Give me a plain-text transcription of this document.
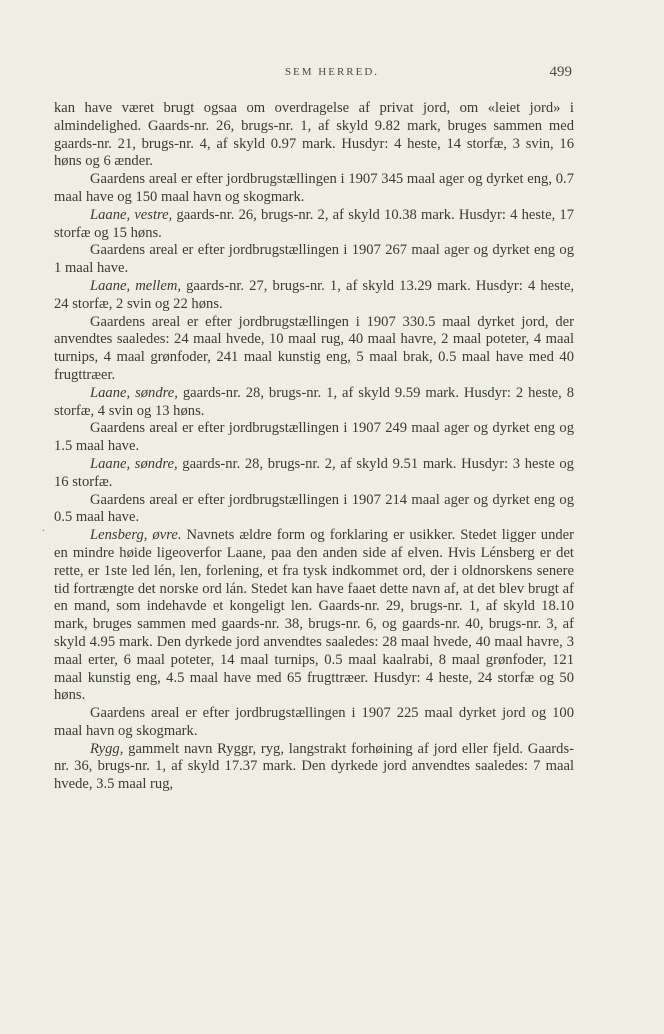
SEM HERRED.	499
.

kan have været brugt ogsaa om overdragelse af privat jord, om «leiet jord» i almindelighed. Gaards-nr. 26, brugs-nr. 1, af skyld 9.82 mark, bruges sammen med gaards-nr. 21, brugs-nr. 4, af skyld 0.97 mark. Husdyr: 4 heste, 14 storfæ, 3 svin, 16 høns og 6 ænder.

Gaardens areal er efter jordbrugstællingen i 1907 345 maal ager og dyrket eng, 0.7 maal have og 150 maal havn og skogmark.

Laane, vestre, gaards-nr. 26, brugs-nr. 2, af skyld 10.38 mark. Husdyr: 4 heste, 17 storfæ og 15 høns.

Gaardens areal er efter jordbrugstællingen i 1907 267 maal ager og dyrket eng og 1 maal have.

Laane, mellem, gaards-nr. 27, brugs-nr. 1, af skyld 13.29 mark. Husdyr: 4 heste, 24 storfæ, 2 svin og 22 høns.

Gaardens areal er efter jordbrugstællingen i 1907 330.5 maal dyrket jord, der anvendtes saaledes: 24 maal hvede, 10 maal rug, 40 maal havre, 2 maal poteter, 4 maal turnips, 4 maal grønfoder, 241 maal kunstig eng, 5 maal brak, 0.5 maal have med 40 frugttræer.

Laane, søndre, gaards-nr. 28, brugs-nr. 1, af skyld 9.59 mark. Husdyr: 2 heste, 8 storfæ, 4 svin og 13 høns.

Gaardens areal er efter jordbrugstællingen i 1907 249 maal ager og dyrket eng og 1.5 maal have.

Laane, søndre, gaards-nr. 28, brugs-nr. 2, af skyld 9.51 mark. Husdyr: 3 heste og 16 storfæ.

Gaardens areal er efter jordbrugstællingen i 1907 214 maal ager og dyrket eng og 0.5 maal have.

Lensberg, øvre. Navnets ældre form og forklaring er usikker. Stedet ligger under en mindre høide ligeoverfor Laane, paa den anden side af elven. Hvis Lénsberg er det rette, er 1ste led lén, len, forlening, et fra tysk indkommet ord, der i oldnorskens senere tid fortrængte det norske ord lán. Stedet kan have faaet dette navn af, at det blev brugt af en mand, som indehavde et kongeligt len. Gaards-nr. 29, brugs-nr. 1, af skyld 18.10 mark, bruges sammen med gaards-nr. 38, brugs-nr. 6, og gaards-nr. 40, brugs-nr. 3, af skyld 4.95 mark. Den dyrkede jord anvendtes saaledes: 28 maal hvede, 40 maal havre, 3 maal erter, 6 maal poteter, 14 maal turnips, 0.5 maal kaalrabi, 8 maal grønfoder, 121 maal kunstig eng, 4.5 maal have med 65 frugttræer. Husdyr: 4 heste, 24 storfæ og 50 høns.

Gaardens areal er efter jordbrugstællingen i 1907 225 maal dyrket jord og 100 maal havn og skogmark.

Rygg, gammelt navn Ryggr, ryg, langstrakt forhøining af jord eller fjeld. Gaards-nr. 36, brugs-nr. 1, af skyld 17.37 mark. Den dyrkede jord anvendtes saaledes: 7 maal hvede, 3.5 maal rug,
